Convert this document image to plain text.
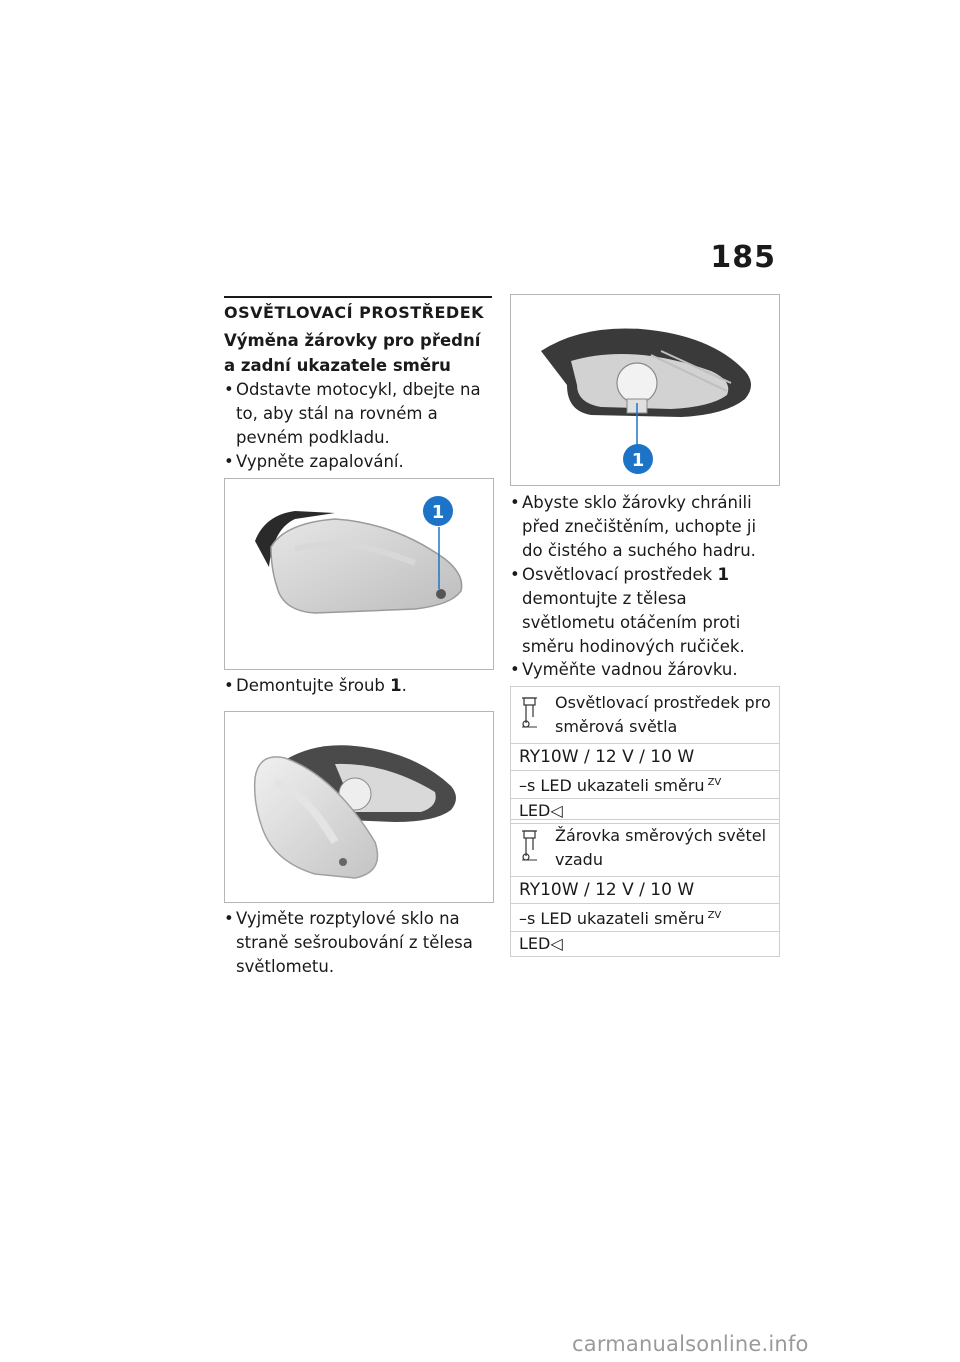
185
OSVĚTLOVACÍ PROSTŘEDEK
Výměna žárovky pro přední a zadní ukazatele směru
• Odstavte motocykl, dbejte na to, aby stál na rovném a pevném podkladu.
• Vypněte zapalování.
1
• Demontujte šroub 1.
• Vyjměte rozptylové sklo na straně sešroubování z tělesa světlometu.
1
• Abyste sklo žárovky chránili před znečištěním, uchopte ji do čistého a suchého hadru.
• Osvětlovací prostředek 1 demontujte z tělesa světlometu otáčením proti směru hodinových ručiček.
• Vyměňte vadnou žárovku.
Osvětlovací prostředek pro směrová světla
RY10W / 12 V / 10 W
–s LED ukazateli směru $^{ZV}$
LED◁
Žárovka směrových světel vzadu
RY10W / 12 V / 10 W
–s LED ukazateli směru $^{ZV}$
LED◁
carmanualsonline.info
